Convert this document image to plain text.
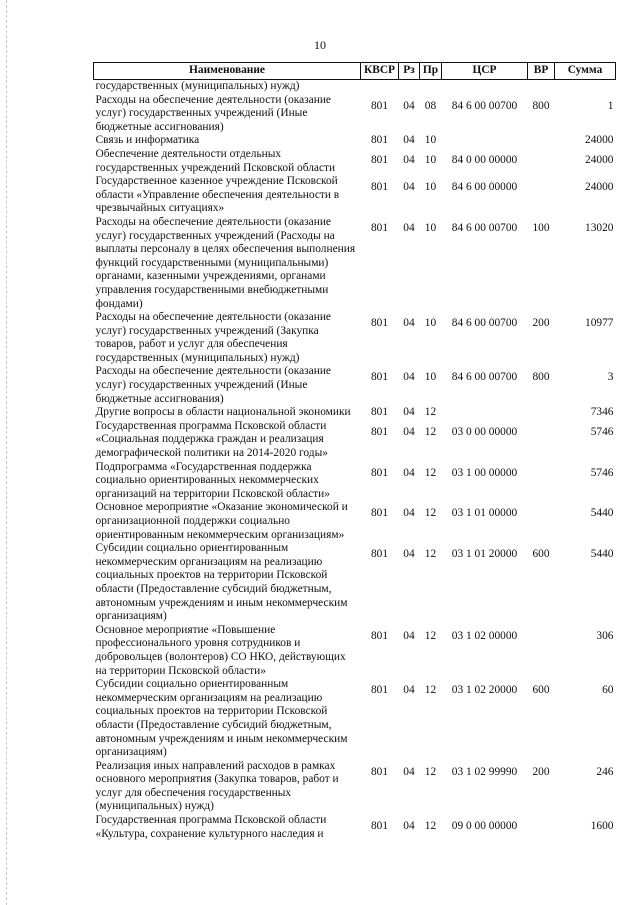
10
Наименование	КВСР	Рз	Пр	ЦСР	ВР	Сумма
государственных (муниципальных) нужд)						
Расходы на обеспечение деятельности (оказание услуг) государственных учреждений (Иные бюджетные ассигнования)	801	04	08	84 6 00 00700	800	1
Связь и информатика	801	04	10			24000
Обеспечение деятельности отдельных государственных учреждений Псковской области	801	04	10	84 0 00 00000		24000
Государственное казенное учреждение Псковской области «Управление обеспечения деятельности в чрезвычайных ситуациях»	801	04	10	84 6 00 00000		24000
Расходы на обеспечение деятельности (оказание услуг) государственных учреждений (Расходы на выплаты персоналу в целях обеспечения выполнения функций государственными (муниципальными) органами, казенными учреждениями, органами управления государственными внебюджетными фондами)	801	04	10	84 6 00 00700	100	13020
Расходы на обеспечение деятельности (оказание услуг) государственных учреждений (Закупка товаров, работ и услуг для обеспечения государственных (муниципальных) нужд)	801	04	10	84 6 00 00700	200	10977
Расходы на обеспечение деятельности (оказание услуг) государственных учреждений (Иные бюджетные ассигнования)	801	04	10	84 6 00 00700	800	3
Другие вопросы в области национальной экономики	801	04	12			7346
Государственная программа Псковской области «Социальная поддержка граждан и реализация демографической политики на 2014-2020 годы»	801	04	12	03 0 00 00000		5746
Подпрограмма «Государственная поддержка социально ориентированных некоммерческих организаций на территории Псковской области»	801	04	12	03 1 00 00000		5746
Основное мероприятие «Оказание экономической и организационной поддержки социально ориентированным некоммерческим организациям»	801	04	12	03 1 01 00000		5440
Субсидии социально ориентированным некоммерческим организациям на реализацию социальных проектов на территории Псковской области (Предоставление субсидий бюджетным, автономным учреждениям и иным некоммерческим организациям)	801	04	12	03 1 01 20000	600	5440
Основное мероприятие «Повышение профессионального уровня сотрудников и добровольцев (волонтеров) СО НКО, действующих на территории Псковской области»	801	04	12	03 1 02 00000		306
Субсидии социально ориентированным некоммерческим организациям на реализацию социальных проектов на территории Псковской области (Предоставление субсидий бюджетным, автономным учреждениям и иным некоммерческим организациям)	801	04	12	03 1 02 20000	600	60
Реализация иных направлений расходов в рамках основного мероприятия (Закупка товаров, работ и услуг для обеспечения государственных (муниципальных) нужд)	801	04	12	03 1 02 99990	200	246
Государственная программа Псковской области «Культура, сохранение культурного наследия и	801	04	12	09 0 00 00000		1600
